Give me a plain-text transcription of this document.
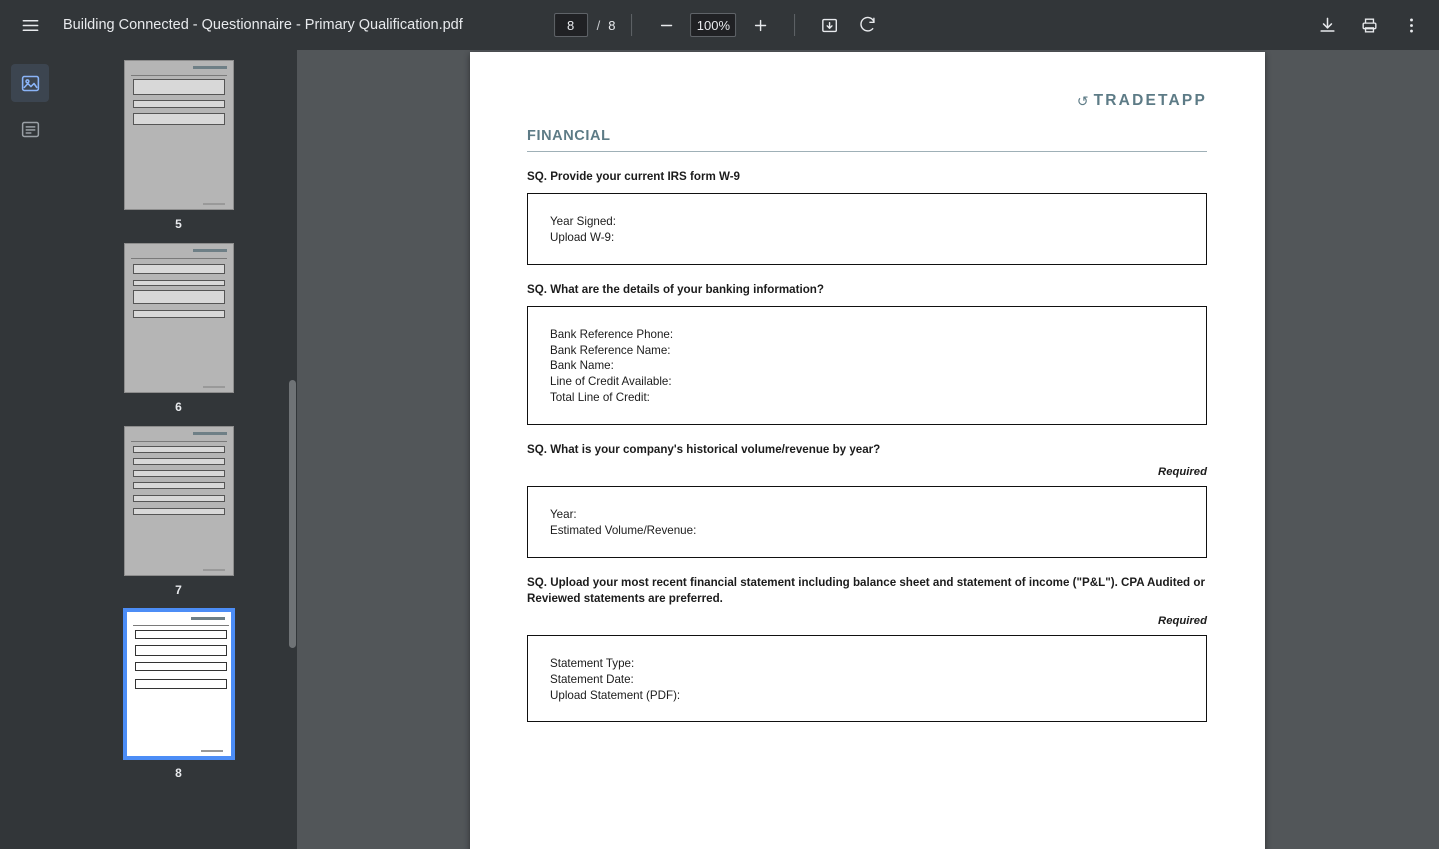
Building Connected - Questionnaire - Primary Qualification.pdf
8	/ 8	100%
5
6
7
8
↺ TRADETAPP
FINANCIAL
SQ. Provide your current IRS form W-9
Year Signed:
Upload W-9:
SQ. What are the details of your banking information?
Bank Reference Phone:
Bank Reference Name:
Bank Name:
Line of Credit Available:
Total Line of Credit:
SQ. What is your company's historical volume/revenue by year?
Required
Year:
Estimated Volume/Revenue:
SQ. Upload your most recent financial statement including balance sheet and statement of income ("P&L"). CPA Audited or Reviewed statements are preferred.
Required
Statement Type:
Statement Date:
Upload Statement (PDF):
